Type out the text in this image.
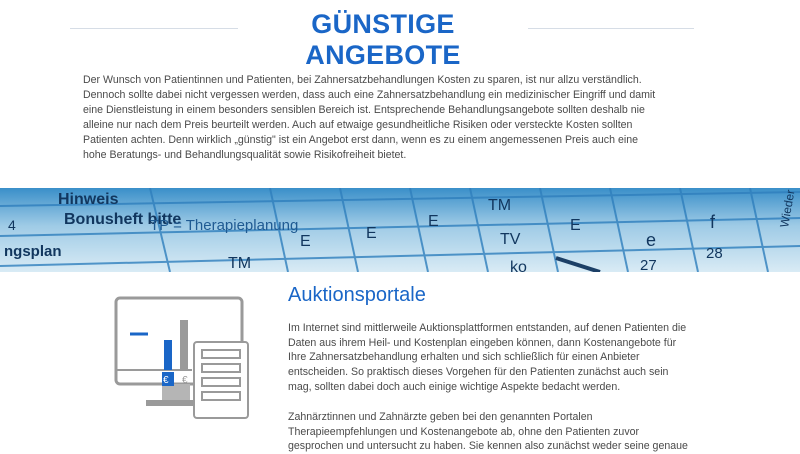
GÜNSTIGE ANGEBOTE

Der Wunsch von Patientinnen und Patienten, bei Zahnersatzbehandlungen Kosten zu sparen, ist nur allzu verständlich. Dennoch sollte dabei nicht vergessen werden, dass auch eine Zahnersatzbehandlung ein medizinischer Eingriff und damit eine Dienstleistung in einem besonders sensiblen Bereich ist. Entsprechende Behandlungsangebote sollten deshalb nie alleine nur nach dem Preis beurteilt werden. Auch auf etwaige gesundheitliche Risiken oder versteckte Kosten sollten Patienten achten. Denn wirklich „günstig" ist ein Angebot erst dann, wenn es zu einem angemessenen Preis auch eine hohe Beratungs- und Behandlungsqualität sowie Risikofreiheit bietet.

Hinweis
Bonusheft bitte
TP = Therapieplanung
ngsplan
4
TM
E	E
E
TM
TV
E
e
f
28
27
ko
Wieder
€ €
Auktionsportale

Im Internet sind mittlerweile Auktionsplattformen entstanden, auf denen Patienten die Daten aus ihrem Heil- und Kostenplan eingeben können, dann Kostenangebote für Ihre Zahnersatzbehandlung erhalten und sich schließlich für einen Anbieter entscheiden. So praktisch dieses Vorgehen für den Patienten zunächst auch sein mag, sollten dabei doch auch einige wichtige Aspekte bedacht werden.

Zahnärztinnen und Zahnärzte geben bei den genannten Portalen Therapieempfehlungen und Kostenangebote ab, ohne den Patienten zuvor gesprochen und untersucht zu haben. Sie kennen also zunächst weder seine genaue
